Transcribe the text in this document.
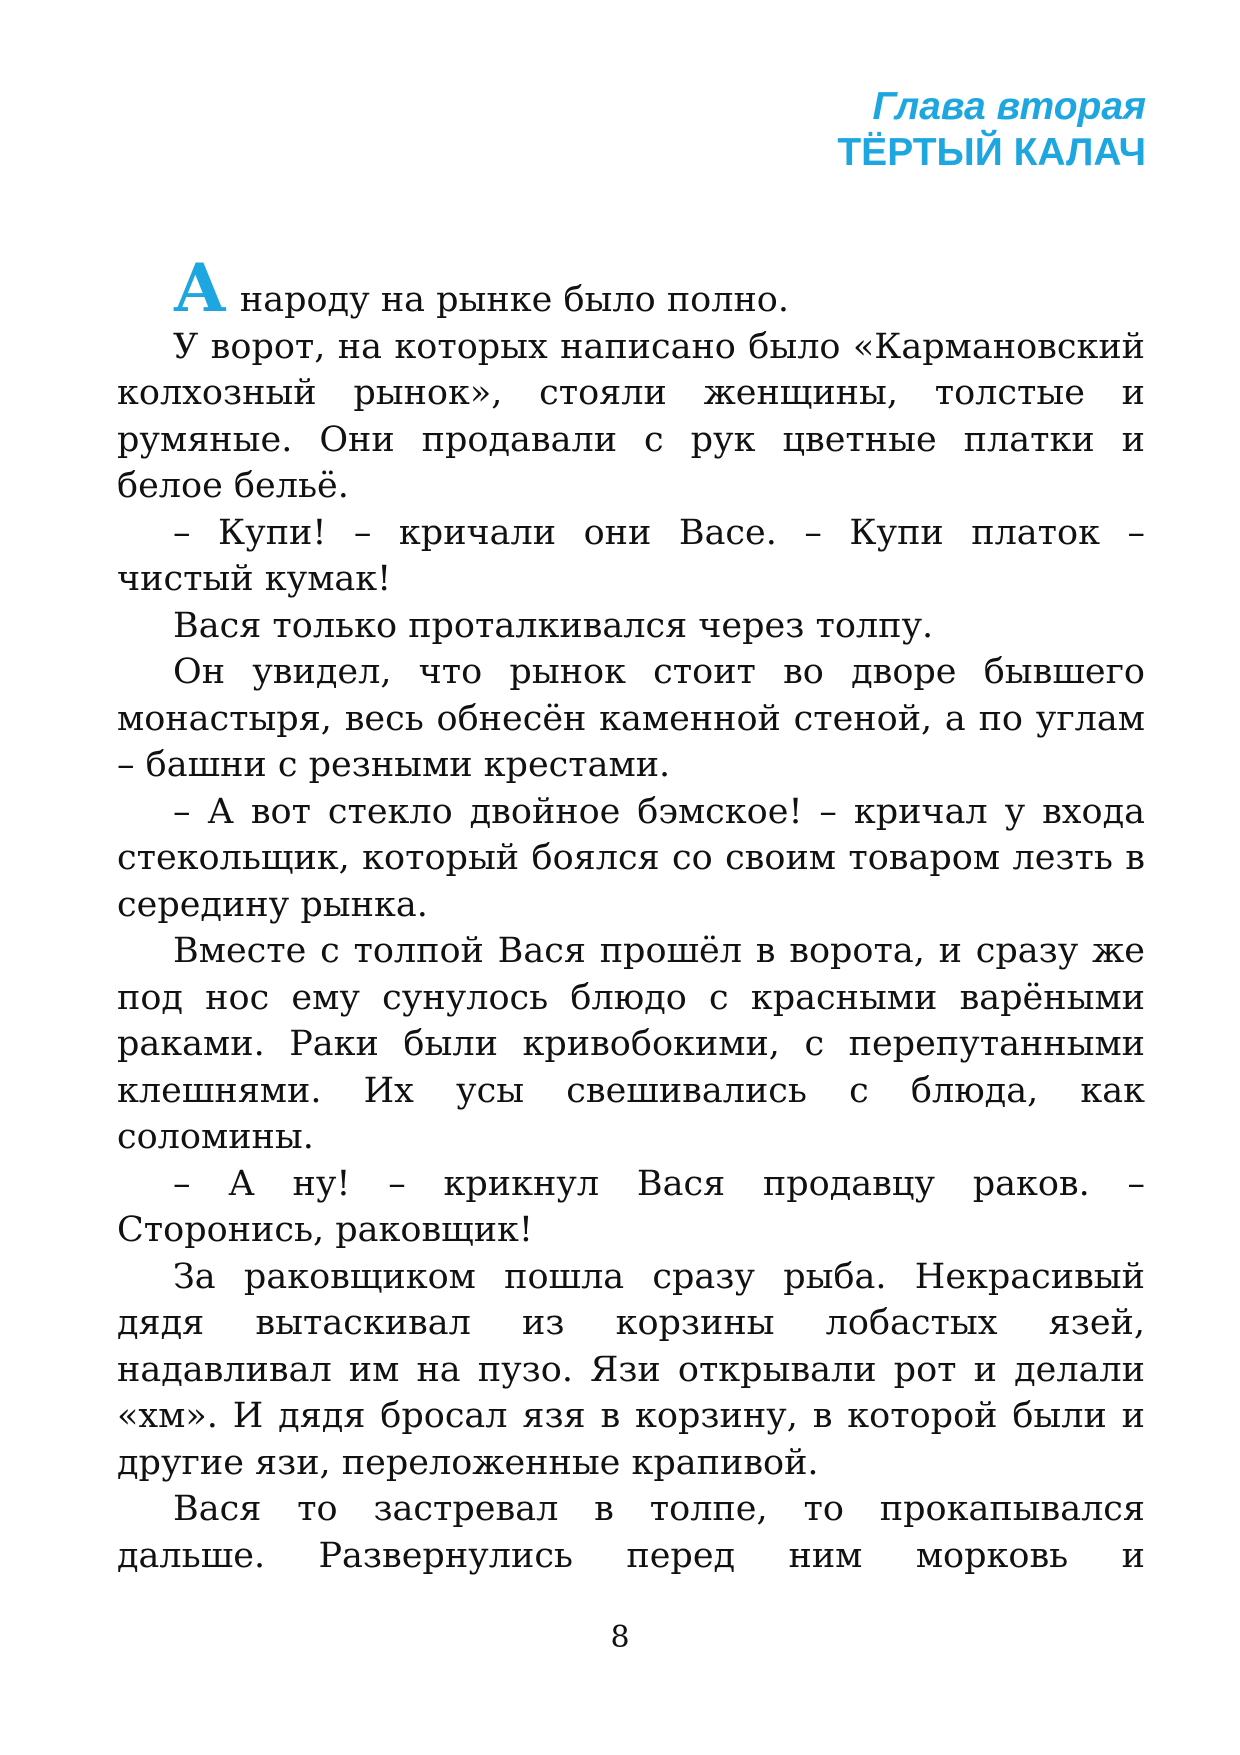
Глава вторая
ТЁРТЫЙ КАЛАЧ

А народу на рынке было полно.

У ворот, на которых написано было «Кармановский колхозный рынок», стояли женщины, толстые и румяные. Они продавали с рук цветные платки и белое бельё.

– Купи! – кричали они Васе. – Купи платок – чистый кумак!

Вася только проталкивался через толпу.

Он увидел, что рынок стоит во дворе бывшего монастыря, весь обнесён каменной стеной, а по углам – башни с резными крестами.

– А вот стекло двойное бэмское! – кричал у входа стекольщик, который боялся со своим товаром лезть в середину рынка.

Вместе с толпой Вася прошёл в ворота, и сразу же под нос ему сунулось блюдо с красными варёными раками. Раки были кривобокими, с перепутанными клешнями. Их усы свешивались с блюда, как соломины.

– А ну! – крикнул Вася продавцу раков. – Сторонись, раковщик!

За раковщиком пошла сразу рыба. Некрасивый дядя вытаскивал из корзины лобастых язей, надавливал им на пузо. Язи открывали рот и делали «хм». И дядя бросал язя в корзину, в которой были и другие язи, переложенные крапивой.

Вася то застревал в толпе, то прокапывался дальше. Развернулись перед ним морковь и

8
